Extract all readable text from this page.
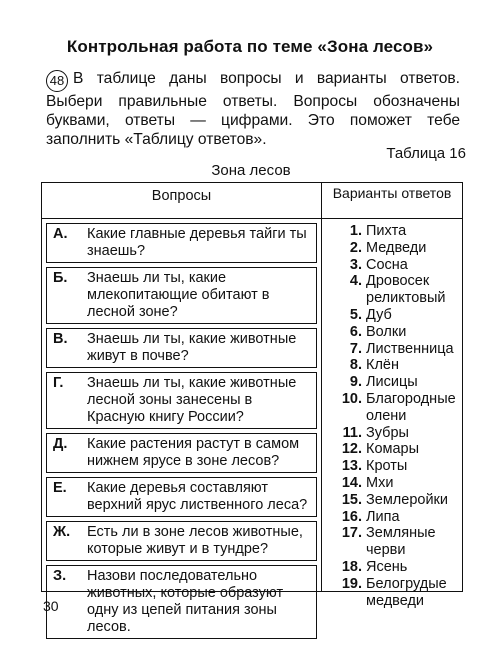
Контрольная работа по теме «Зона лесов»
48 В таблице даны вопросы и варианты ответов. Выбери правильные ответы. Вопросы обозначены буквами, ответы — цифрами. Это поможет тебе заполнить «Таблицу ответов».
Таблица 16
Зона лесов
Вопросы	Варианты ответов
А. Какие главные деревья тайги ты знаешь?
Б. Знаешь ли ты, какие млекопитающие обитают в лесной зоне?
В. Знаешь ли ты, какие животные живут в почве?
Г. Знаешь ли ты, какие животные лесной зоны занесены в Красную книгу России?
Д. Какие растения растут в самом нижнем ярусе в зоне лесов?
Е. Какие деревья составляют верхний ярус лиственного леса?
Ж. Есть ли в зоне лесов животные, которые живут и в тундре?
З. Назови последовательно животных, которые образуют одну из цепей питания зоны лесов.
1. Пихта
2. Медведи
3. Сосна
4. Дровосек реликтовый
5. Дуб
6. Волки
7. Лиственница
8. Клён
9. Лисицы
10. Благородные олени
11. Зубры
12. Комары
13. Кроты
14. Мхи
15. Землеройки
16. Липа
17. Земляные черви
18. Ясень
19. Белогрудые медведи
30
